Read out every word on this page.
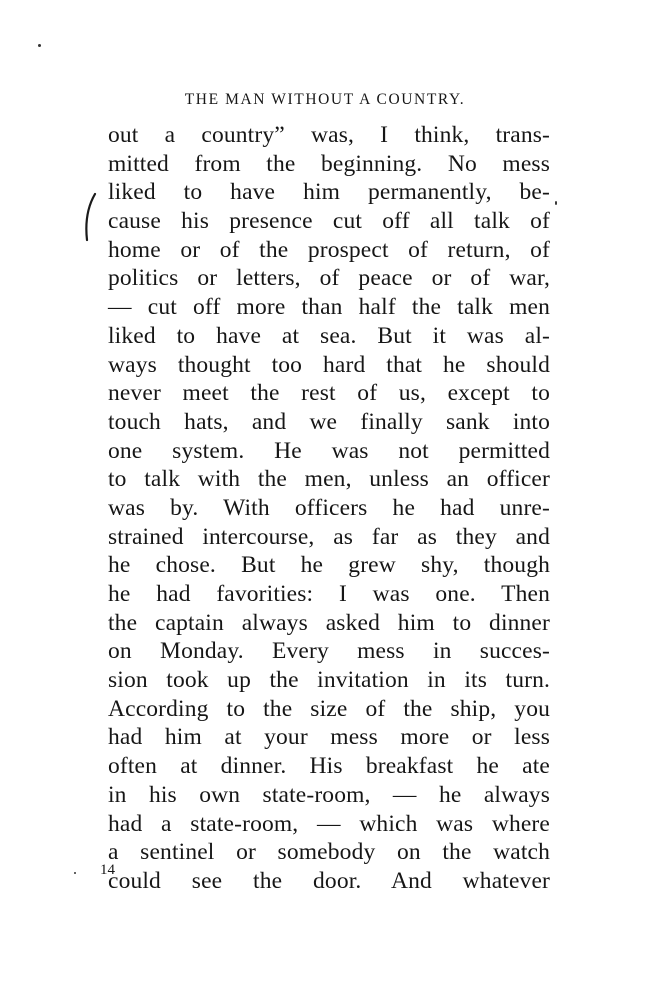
THE MAN WITHOUT A COUNTRY.
out a country” was, I think, trans-
mitted from the beginning. No mess
liked to have him permanently, be-
cause his presence cut off all talk of
home or of the prospect of return, of
politics or letters, of peace or of war,
— cut off more than half the talk men
liked to have at sea. But it was al-
ways thought too hard that he should
never meet the rest of us, except to
touch hats, and we finally sank into
one system. He was not permitted
to talk with the men, unless an officer
was by. With officers he had unre-
strained intercourse, as far as they and
he chose. But he grew shy, though
he had favorities: I was one. Then
the captain always asked him to dinner
on Monday. Every mess in succes-
sion took up the invitation in its turn.
According to the size of the ship, you
had him at your mess more or less
often at dinner. His breakfast he ate
in his own state-room, — he always
had a state-room, — which was where
a sentinel or somebody on the watch
could see the door. And whatever
14
